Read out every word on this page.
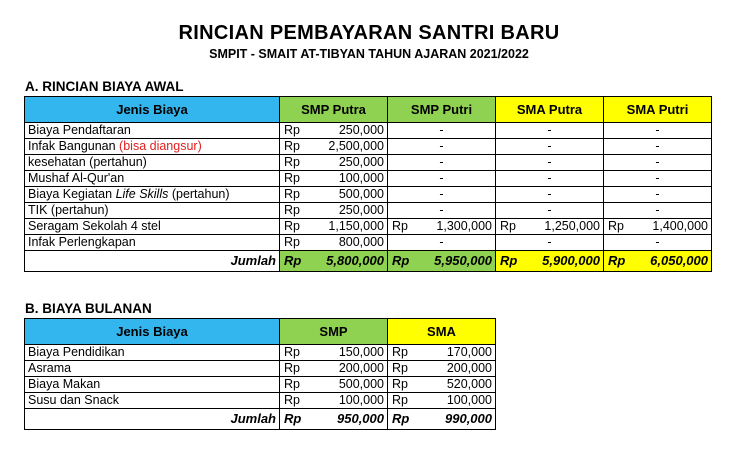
RINCIAN PEMBAYARAN SANTRI BARU
SMPIT - SMAIT AT-TIBYAN TAHUN AJARAN 2021/2022
A. RINCIAN BIAYA AWAL
Jenis Biaya	SMP Putra	SMP Putri	SMA Putra	SMA Putri
Biaya Pendaftaran	Rp 250,000	-	-	-
Infak Bangunan (bisa diangsur)	Rp 2,500,000	-	-	-
kesehatan (pertahun)	Rp 250,000	-	-	-
Mushaf Al-Qur'an	Rp 100,000	-	-	-
Biaya Kegiatan Life Skills (pertahun)	Rp 500,000	-	-	-
TIK (pertahun)	Rp 250,000	-	-	-
Seragam Sekolah 4 stel	Rp 1,150,000	Rp 1,300,000	Rp 1,250,000	Rp 1,400,000

Infak Perlengkapan	Rp 800,000	-	-	-
Jumlah	Rp 5,800,000	Rp 5,950,000	Rp 5,900,000	Rp 6,050,000
B. BIAYA BULANAN
Jenis Biaya	SMP	SMA
Biaya Pendidikan	Rp 150,000	Rp 170,000

Asrama	Rp 200,000	Rp 200,000

Biaya Makan	Rp 500,000	Rp 520,000

Susu dan Snack	Rp 100,000	Rp 100,000

Jumlah	Rp 950,000	Rp 990,000
